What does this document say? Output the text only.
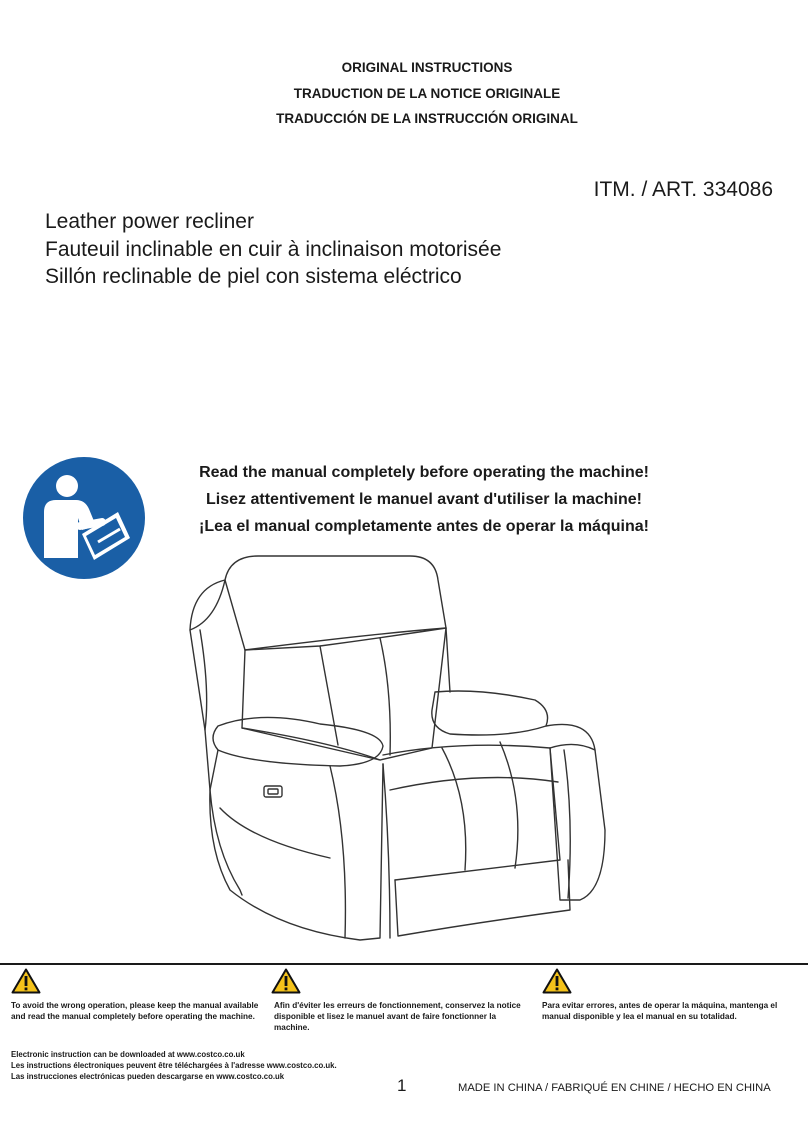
ORIGINAL INSTRUCTIONS
TRADUCTION DE LA NOTICE ORIGINALE
TRADUCCIÓN DE LA INSTRUCCIÓN ORIGINAL
ITM. / ART. 334086
Leather power recliner
Fauteuil inclinable en cuir à inclinaison motorisée
Sillón reclinable de piel con sistema eléctrico
Read the manual completely before operating the machine!
Lisez attentivement le manuel avant d'utiliser la machine!
¡Lea el manual completamente antes de operar la máquina!
To avoid the wrong operation, please keep the manual available and read the manual completely before operating the machine.
Afin d'éviter les erreurs de fonctionnement, conservez la notice disponible et lisez le manuel avant de faire fonctionner la machine.
Para evitar errores, antes de operar la máquina, mantenga el manual disponible y lea el manual en su totalidad.
Electronic instruction can be downloaded at www.costco.co.uk
Les instructions électroniques peuvent être téléchargées à l'adresse www.costco.co.uk.
Las instrucciones electrónicas pueden descargarse en www.costco.co.uk	1	MADE IN CHINA / FABRIQUÉ EN CHINE / HECHO EN CHINA
